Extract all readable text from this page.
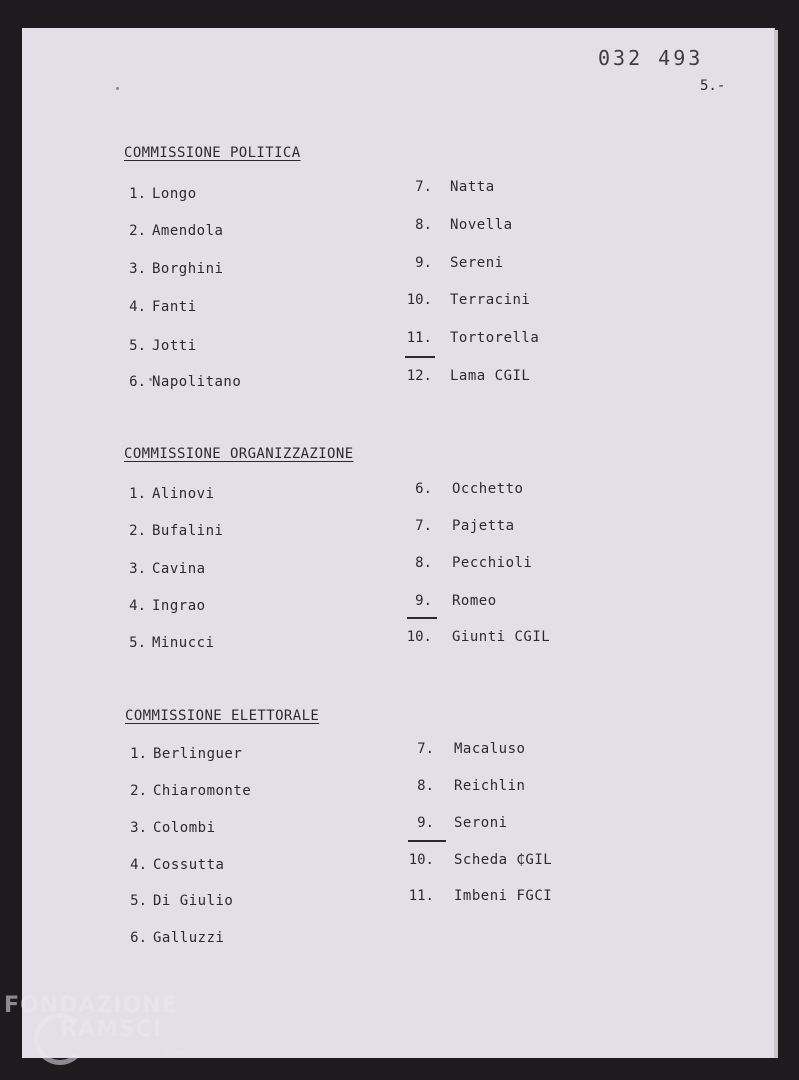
032 493
5.-
COMMISSIONE POLITICA
1. Longo
2. Amendola
3. Borghini
4. Fanti
5. Jotti
6. Napolitano
7. Natta
8. Novella
9. Sereni
10. Terracini
11. Tortorella
12. Lama CGIL
COMMISSIONE ORGANIZZAZIONE
1. Alinovi
2. Bufalini
3. Cavina
4. Ingrao
5. Minucci
6. Occhetto
7. Pajetta
8. Pecchioli
9. Romeo
10. Giunti CGIL
COMMISSIONE ELETTORALE
1. Berlinguer
2. Chiaromonte
3. Colombi
4. Cossutta
5. Di Giulio
6. Galluzzi
7. Macaluso
8. Reichlin
9. Seroni
10. Scheda ₵GIL
11. Imbeni FGCI
FONDAZIONE
RAMSCI
onlus
